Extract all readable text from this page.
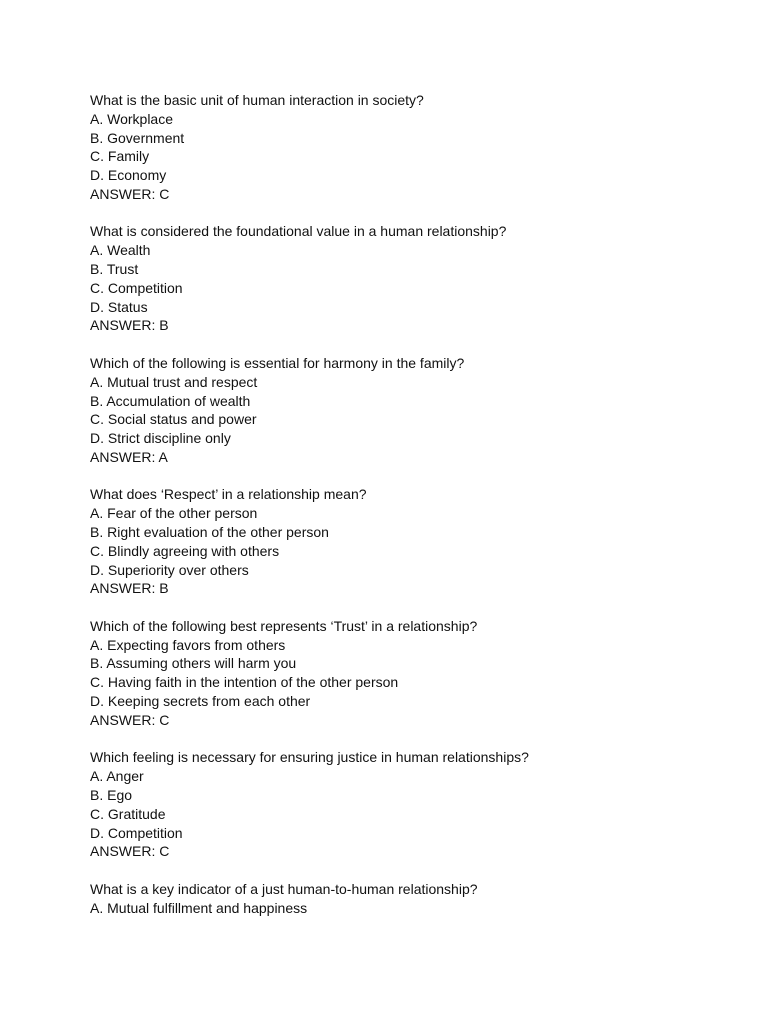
What is the basic unit of human interaction in society?

A. Workplace

B. Government

C. Family

D. Economy

ANSWER: C

What is considered the foundational value in a human relationship?

A. Wealth

B. Trust

C. Competition

D. Status

ANSWER: B

Which of the following is essential for harmony in the family?

A. Mutual trust and respect

B. Accumulation of wealth

C. Social status and power

D. Strict discipline only

ANSWER: A

What does ‘Respect’ in a relationship mean?

A. Fear of the other person

B. Right evaluation of the other person

C. Blindly agreeing with others

D. Superiority over others

ANSWER: B

Which of the following best represents ‘Trust’ in a relationship?

A. Expecting favors from others

B. Assuming others will harm you

C. Having faith in the intention of the other person

D. Keeping secrets from each other

ANSWER: C

Which feeling is necessary for ensuring justice in human relationships?

A. Anger

B. Ego

C. Gratitude

D. Competition

ANSWER: C

What is a key indicator of a just human-to-human relationship?

A. Mutual fulfillment and happiness
